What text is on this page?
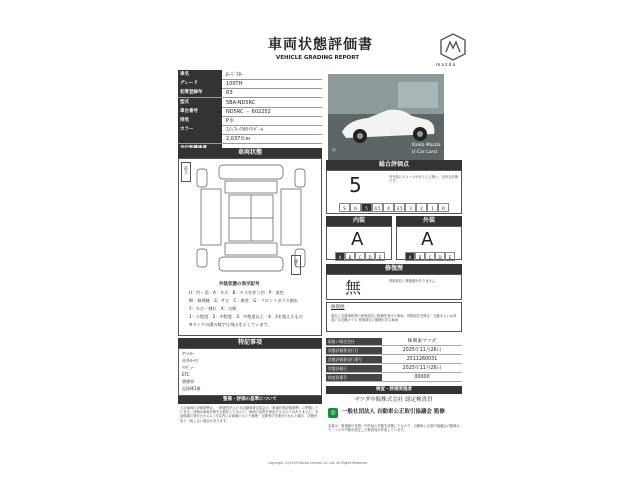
車両状態評価書
VEHICLE GRADING REPORT
mazda
車名	ﾛｰﾄﾞｽﾀｰ
グレード	100TH
初度登録年	R3
型式	5BA-ND5RC
車台番号	ND5RC － 602252
排気	P水
カラー	ｽﾉｰﾌﾚｲｸﾎﾜｲﾄﾊﾟｰﾙ
2,037Ｋｍ
Kaido Mazda
U-Car Land
◇
車両状態
前方
後方
外装状態の表示記号
U：凹・歪　A：キズ　B：キズを伴う凹　P：塗色
W：修理跡　S：サビ　C：腐食　G：フロントガラス割れ
Y：ひび・割れ　X：交換
1：小程度　2：中程度　3：中程度以上　4：3を超えるもの
※タイヤの溝の数字は残山を示しています。
特記事項
ｽﾏｰﾄｷｰ
社外ｶｰﾅﾋﾞ
ﾘｱﾋﾞｭｰ
ETC
禁煙車
記録簿1冊
整備・評価の基準について
上記車両の評価基準は、一般財団法人日本自動車査定協会の「車両状態評価基準」に準拠しています。評価は車両状態を点数化したもので、車両の品質を保証するものではありません。本証明書の発行日から1ヶ月以内にお客様のもとで修理・交換等の作業が行われた場合、評価内容と一致しない場合があります。
総合評価点
5	内外装にダメージがほとんど無い、良好な状態です。
S	6	5	4.5	4	3.5	3	2	1	R
内装	外装
A
A	B	C	D	E
A
A	B	C	D	E
修復歴
無	骨格部位に修復歴がありません。
修復歴
過去に交通事故等の骨格部位に損傷を受けた車両、骨格部位を修正・交換あるいは部品ﾊﾟﾈﾙ交換のうち 骨格部位に損傷がある車両
取扱い販売会社	株関東マツダ
状態評価書発行日	2025年11月26日
状態評価書発行番号	2511260031
状態評価日	2025年11月26日
検査員番号	00000
検査・評価実施者
マツダ中販株式会社 認定検査員
◎	一般社団法人 自動車公正取引協議会 監修
本書は、修復歴の有無・内外装の状態を評価したもので、自動車公正取引協議会の監修の下、マツダ中販が認定した検査員が作成しています。
Copyright (C)2019 Mazda Chuhan Co. Ltd. All Rights Reserved
